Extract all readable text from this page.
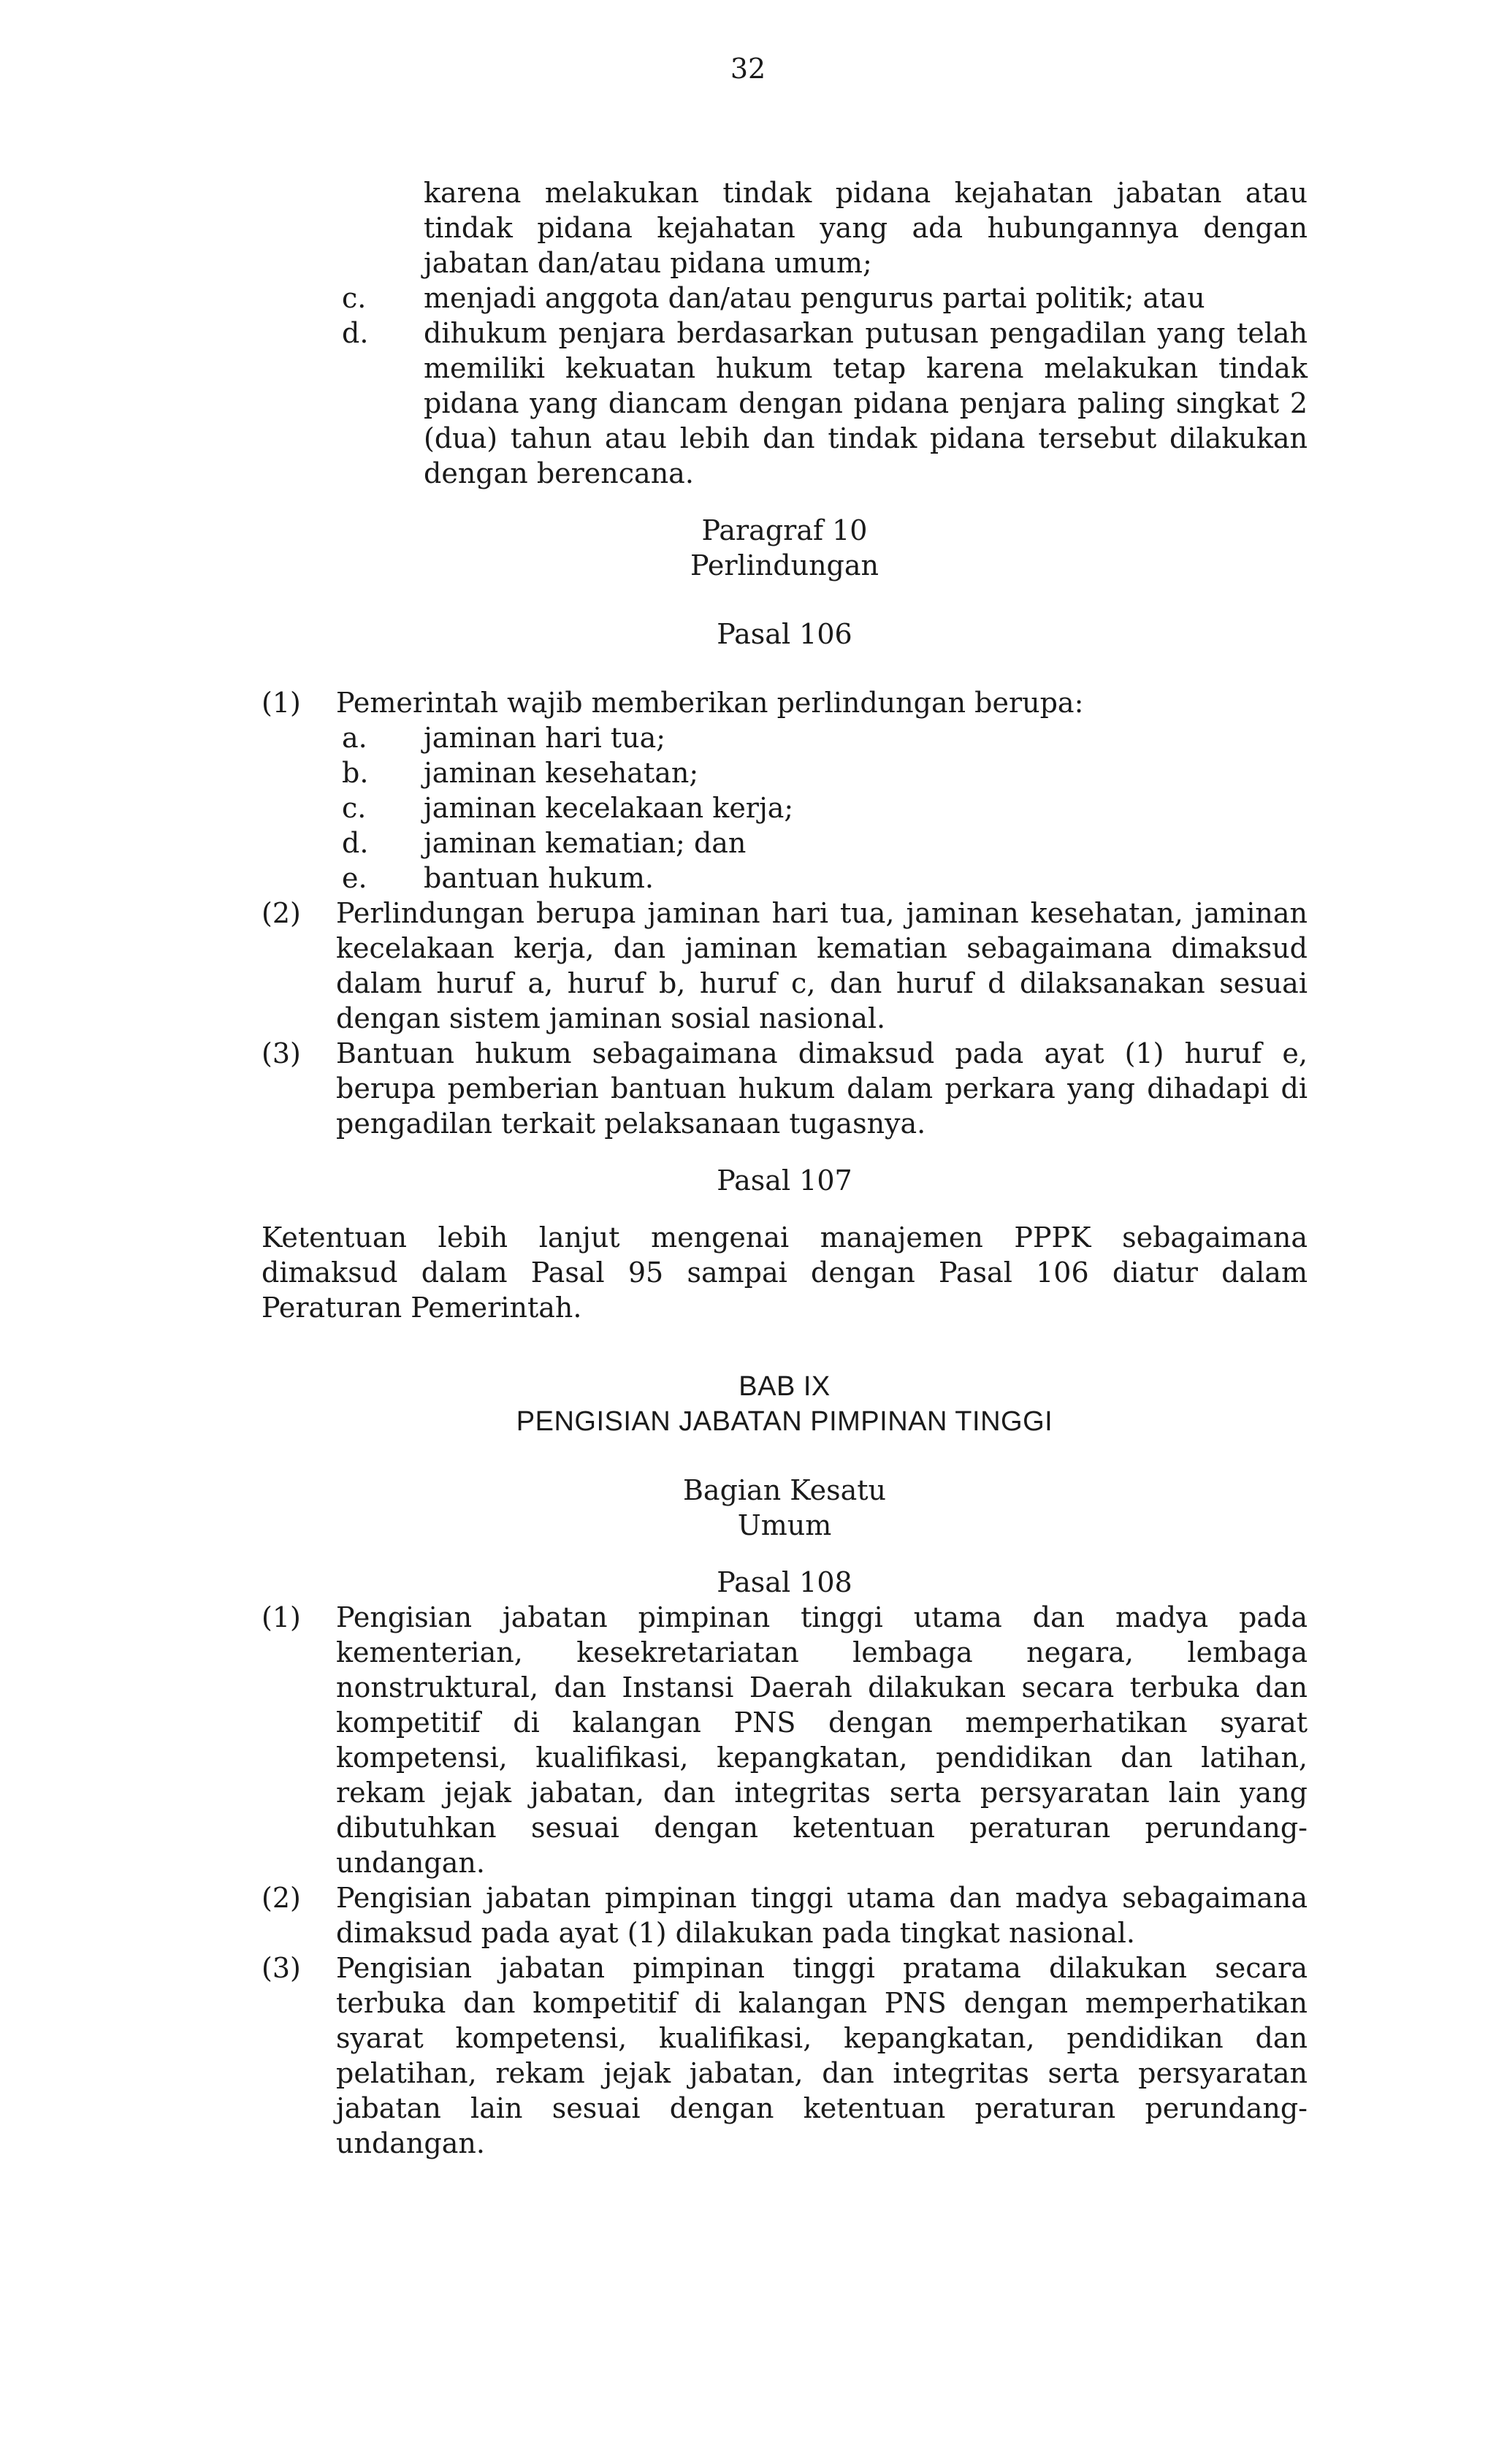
32
karena melakukan tindak pidana kejahatan jabatan atau tindak pidana kejahatan yang ada hubungannya dengan jabatan dan/atau pidana umum;
c.	menjadi anggota dan/atau pengurus partai politik; atau
d.	dihukum penjara berdasarkan putusan pengadilan yang telah memiliki kekuatan hukum tetap karena melakukan tindak pidana yang diancam dengan pidana penjara paling singkat 2 (dua) tahun atau lebih dan tindak pidana tersebut dilakukan dengan berencana.
Paragraf 10
Perlindungan
Pasal 106
(1)	Pemerintah wajib memberikan perlindungan berupa:
a.	jaminan hari tua;
b.	jaminan kesehatan;
c.	jaminan kecelakaan kerja;
d.	jaminan kematian; dan
e.	bantuan hukum.
(2)	Perlindungan berupa jaminan hari tua, jaminan kesehatan, jaminan kecelakaan kerja, dan jaminan kematian sebagaimana dimaksud dalam huruf a, huruf b, huruf c, dan huruf d dilaksanakan sesuai dengan sistem jaminan sosial nasional.
(3)	Bantuan hukum sebagaimana dimaksud pada ayat (1) huruf e, berupa pemberian bantuan hukum dalam perkara yang dihadapi di pengadilan terkait pelaksanaan tugasnya.
Pasal 107
Ketentuan lebih lanjut mengenai manajemen PPPK sebagaimana dimaksud dalam Pasal 95 sampai dengan Pasal 106 diatur dalam Peraturan Pemerintah.
BAB IX
PENGISIAN JABATAN PIMPINAN TINGGI
Bagian Kesatu
Umum
Pasal 108
(1)	Pengisian jabatan pimpinan tinggi utama dan madya pada kementerian, kesekretariatan lembaga negara, lembaga nonstruktural, dan Instansi Daerah dilakukan secara terbuka dan kompetitif di kalangan PNS dengan memperhatikan syarat kompetensi, kualifikasi, kepangkatan, pendidikan dan latihan, rekam jejak jabatan, dan integritas serta persyaratan lain yang dibutuhkan sesuai dengan ketentuan peraturan perundang-undangan.
(2)	Pengisian jabatan pimpinan tinggi utama dan madya sebagaimana dimaksud pada ayat (1) dilakukan pada tingkat nasional.
(3)	Pengisian jabatan pimpinan tinggi pratama dilakukan secara terbuka dan kompetitif di kalangan PNS dengan memperhatikan syarat kompetensi, kualifikasi, kepangkatan, pendidikan dan pelatihan, rekam jejak jabatan, dan integritas serta persyaratan jabatan lain sesuai dengan ketentuan peraturan perundang-undangan.
